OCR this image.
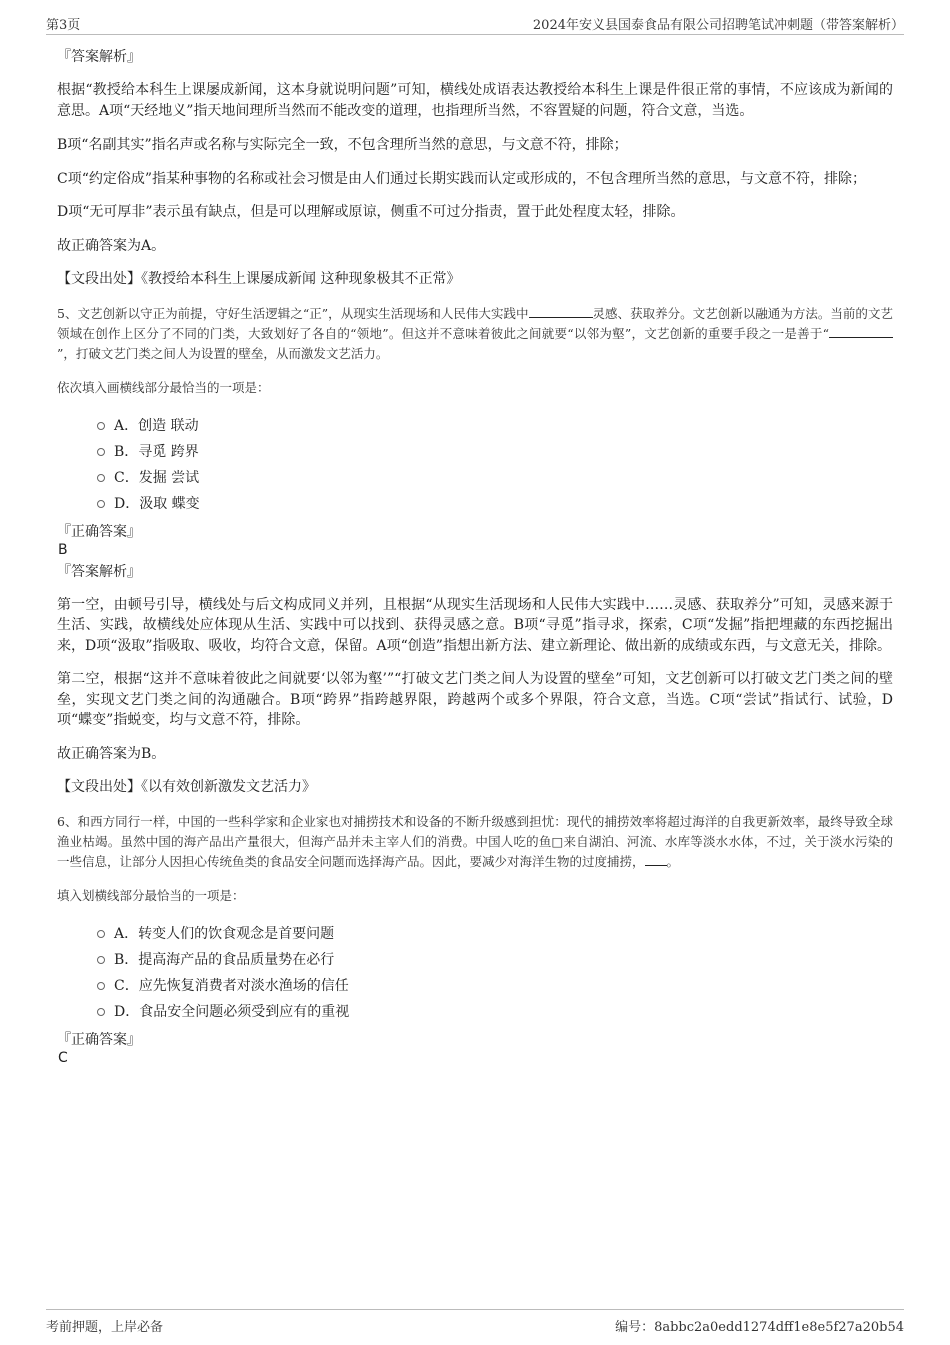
第3页	2024年安义县国泰食品有限公司招聘笔试冲刺题（带答案解析）

『答案解析』

根据“教授给本科生上课屡成新闻，这本身就说明问题”可知，横线处成语表达教授给本科生上课是件很正常的事情，不应该成为新闻的意思。A项“天经地义”指天地间理所当然而不能改变的道理，也指理所当然，不容置疑的问题，符合文意，当选。

B项“名副其实”指名声或名称与实际完全一致，不包含理所当然的意思，与文意不符，排除；

C项“约定俗成”指某种事物的名称或社会习惯是由人们通过长期实践而认定或形成的，不包含理所当然的意思，与文意不符，排除；

D项“无可厚非”表示虽有缺点，但是可以理解或原谅，侧重不可过分指责，置于此处程度太轻，排除。

故正确答案为A。

【文段出处】《教授给本科生上课屡成新闻 这种现象极其不正常》

5、文艺创新以守正为前提，守好生活逻辑之“正”，从现实生活现场和人民伟大实践中	灵感、获取养分。文艺创新以融通为方法。当前的文艺领域在创作上区分了不同的门类，大致划好了各自的“领地”。但这并不意味着彼此之间就要“以邻为壑”，文艺创新的重要手段之一是善于“”，打破文艺门类之间人为设置的壁垒，从而激发文艺活力。

依次填入画横线部分最恰当的一项是：

A．创造 联动
B．寻觅 跨界
C．发掘 尝试
D．汲取 蝶变

『正确答案』

B

『答案解析』

第一空，由顿号引导，横线处与后文构成同义并列，且根据“从现实生活现场和人民伟大实践中……灵感、获取养分”可知，灵感来源于生活、实践，故横线处应体现从生活、实践中可以找到、获得灵感之意。B项“寻觅”指寻求，探索，C项“发掘”指把埋藏的东西挖掘出来，D项“汲取”指吸取、吸收，均符合文意，保留。A项“创造”指想出新方法、建立新理论、做出新的成绩或东西，与文意无关，排除。

第二空，根据“这并不意味着彼此之间就要‘以邻为壑’”“打破文艺门类之间人为设置的壁垒”可知，文艺创新可以打破文艺门类之间的壁垒，实现文艺门类之间的沟通融合。B项“跨界”指跨越界限，跨越两个或多个界限，符合文意，当选。C项“尝试”指试行、试验，D项“蝶变”指蜕变，均与文意不符，排除。

故正确答案为B。

【文段出处】《以有效创新激发文艺活力》

6、和西方同行一样，中国的一些科学家和企业家也对捕捞技术和设备的不断升级感到担忧：现代的捕捞效率将超过海洋的自我更新效率，最终导致全球渔业枯竭。虽然中国的海产品出产量很大，但海产品并未主宰人们的消费。中国人吃的鱼□来自湖泊、河流、水库等淡水水体，不过，关于淡水污染的一些信息，让部分人因担心传统鱼类的食品安全问题而选择海产品。因此，要减少对海洋生物的过度捕捞， 。

填入划横线部分最恰当的一项是：

A．转变人们的饮食观念是首要问题
B．提高海产品的食品质量势在必行
C．应先恢复消费者对淡水渔场的信任
D．食品安全问题必须受到应有的重视

『正确答案』

C

考前押题，上岸必备	编号：8abbc2a0edd1274dff1e8e5f27a20b54
